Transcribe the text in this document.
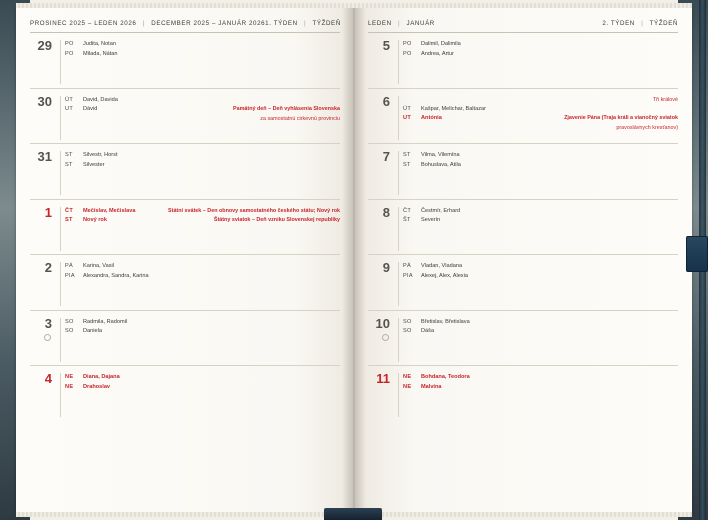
PROSINEC 2025 – LEDEN 2026 | DECEMBER 2025 – JANUÁR 2026 1. TÝDEN | TÝŽDEŇ
29	PO	Judita, Notan
PO	Milada, Nátan
30	ÚT	David, Davida
UT	Dávid	Pamätný deň – Deň vyhlásenia Slovenska
za samostatnú cirkevnú provinciu
31	ST	Silvestr, Horst
ST	Silvester
1	ČT	Mečislav, Mečislava	Státní svátek – Den obnovy samostatného českého státu; Nový rok
ST	Nový rok	Štátny sviatok – Deň vzniku Slovenskej republiky
2	PÁ	Karina, Vasil
PIA	Alexandra, Sandra, Karina
3	SO	Radmila, Radomil
SO	Daniela
4	NE	Diana, Dajana
NE	Drahoslav
LEDEN | JANUÁR	2. TÝDEN | TÝŽDEŇ
5	PO	Dalimil, Dalimila
PO	Andrea, Artur
6	Tři králové
ÚT	Kašpar, Melichar, Baltazar
UT	Antónia	Zjavenie Pána (Traja králi a vianočný sviatok
pravoslávnych kresťanov)
7	ST	Vilma, Vilemína
ST	Bohuslava, Atila
8	ČT	Čestmír, Erhard
ŠT	Severín
9	PÁ	Vladan, Vladana
PIA	Alexej, Alex, Alexia
10	SO	Břetislav, Břetislava
SO	Dáša
11	NE	Bohdana, Teodora
NE	Malvína
